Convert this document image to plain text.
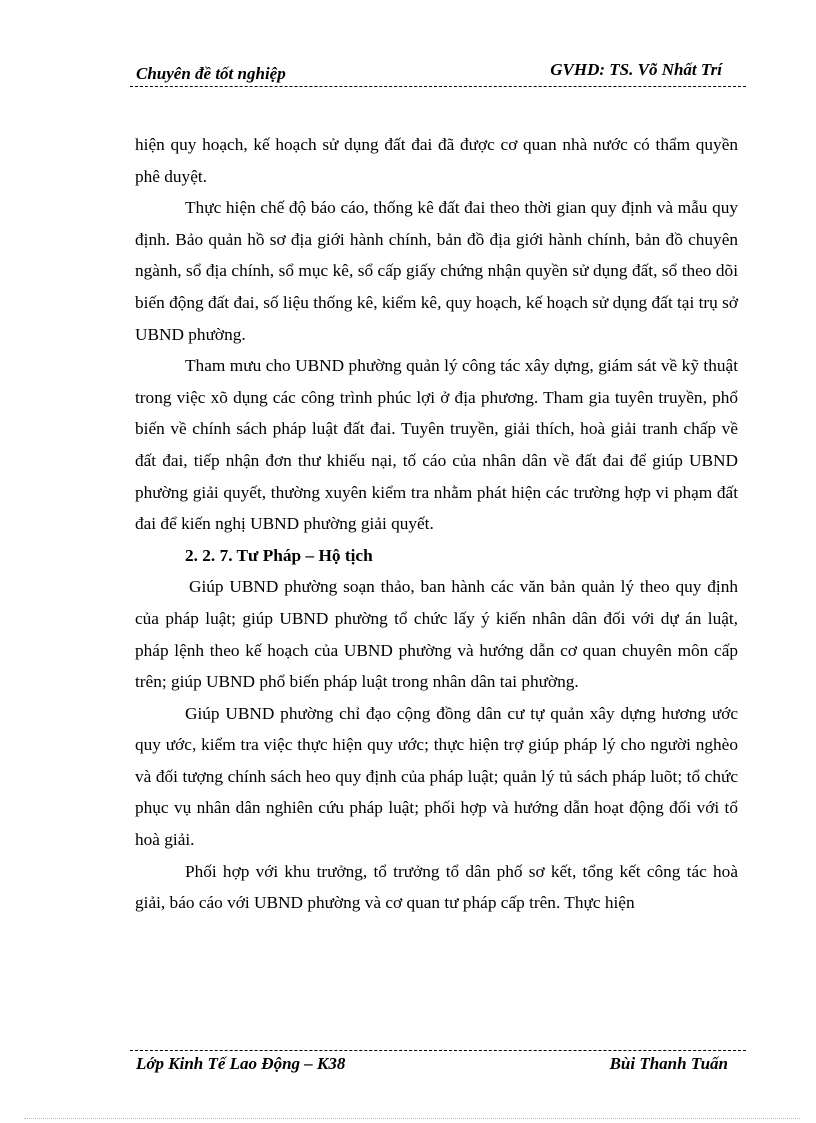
Chuyên đề tốt nghiệp	GVHD: TS. Võ Nhất Trí

hiện quy hoạch, kế hoạch sử dụng đất đai đã được cơ quan nhà nước có thẩm quyền phê duyệt.

Thực hiện chế độ báo cáo, thống kê đất đai theo thời gian quy định và mẫu quy định. Bảo quản hồ sơ địa giới hành chính, bản đồ địa giới hành chính, bản đồ chuyên ngành, sổ địa chính, sổ mục kê, sổ cấp giấy chứng nhận quyền sử dụng đất, sổ theo dõi biến động đất đai, số liệu thống kê, kiểm kê, quy hoạch, kế hoạch sử dụng đất tại trụ sở UBND phường.

Tham mưu cho UBND phường quản lý công tác xây dựng, giám sát về kỹ thuật trong việc xõ dụng các công trình phúc lợi ở địa phương. Tham gia tuyên truyền, phổ biến về chính sách pháp luật đất đai. Tuyên truyền, giải thích, hoà giải tranh chấp về đất đai, tiếp nhận đơn thư khiếu nại, tố cáo của nhân dân về đất đai để giúp UBND phường giải quyết, thường xuyên kiểm tra nhằm phát hiện các trường hợp vi phạm đất đai để kiến nghị UBND phường giải quyết.

2. 2. 7. Tư Pháp – Hộ tịch

Giúp UBND phường soạn thảo, ban hành các văn bản quản lý theo quy định của pháp luật; giúp UBND phường tổ chức lấy ý kiến nhân dân đối với dự án luật, pháp lệnh theo kế hoạch của UBND phường và hướng dẫn cơ quan chuyên môn cấp trên; giúp UBND phổ biến pháp luật trong nhân dân tai phường.

Giúp UBND phường chỉ đạo cộng đồng dân cư tự quản xây dựng hương ước quy ước, kiểm tra việc thực hiện quy ước; thực hiện trợ giúp pháp lý cho người nghèo và đối tượng chính sách heo quy định của pháp luật; quản lý tủ sách pháp luõt; tổ chức phục vụ nhân dân nghiên cứu pháp luật; phối hợp và hướng dẫn hoạt động đối với tổ hoà giải.

Phối hợp với khu trưởng, tổ trưởng tổ dân phố sơ kết, tổng kết công tác hoà giải, báo cáo với UBND phường và cơ quan tư pháp cấp trên. Thực hiện

Lớp Kinh Tế Lao Động – K38	Bùi Thanh Tuấn
